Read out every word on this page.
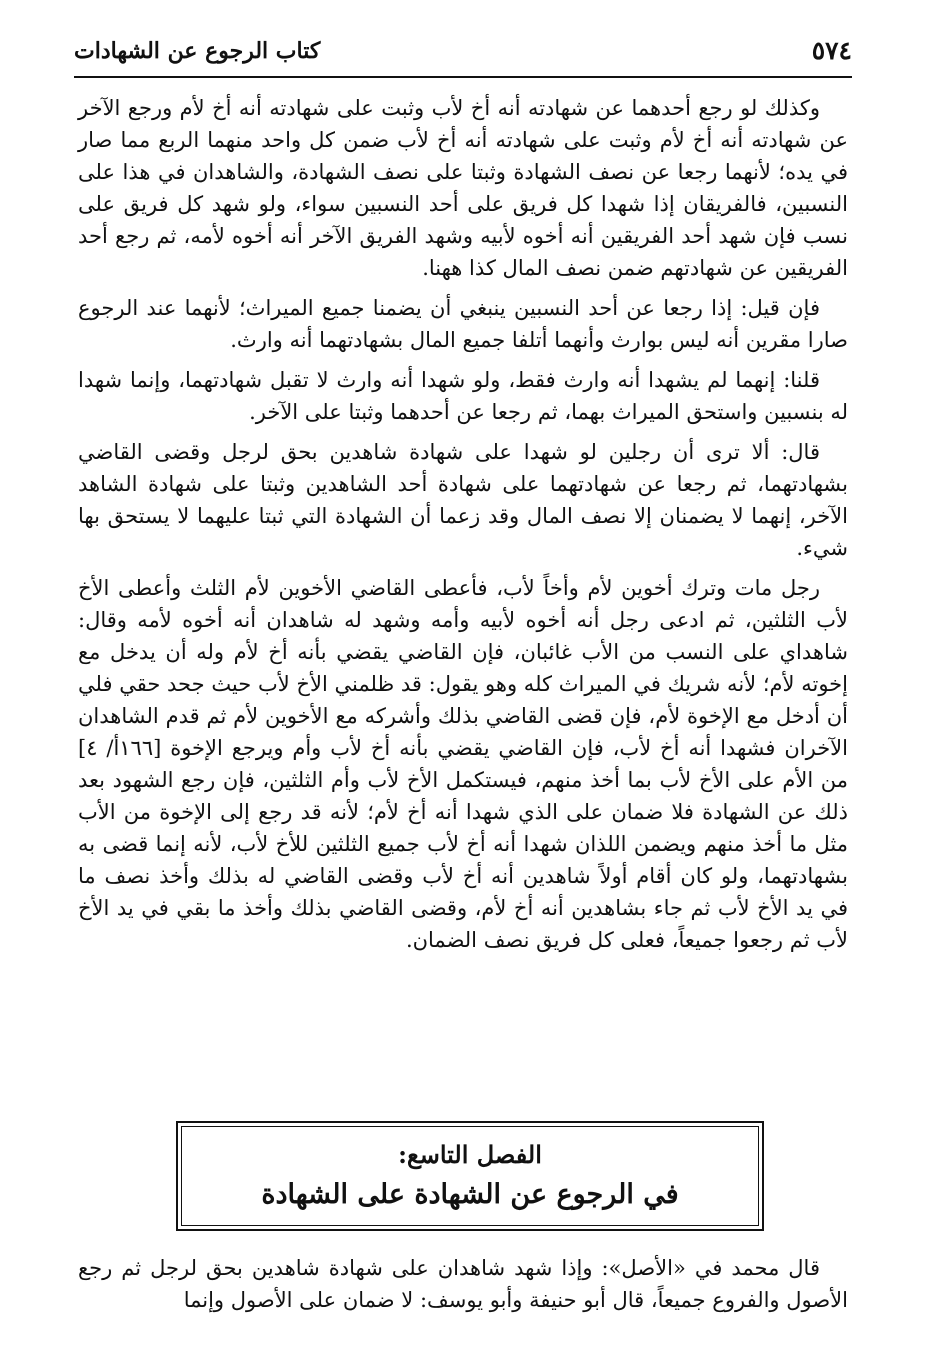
٥٧٤
كتاب الرجوع عن الشهادات

وكذلك لو رجع أحدهما عن شهادته أنه أخ لأب وثبت على شهادته أنه أخ لأم ورجع الآخر عن شهادته أنه أخ لأم وثبت على شهادته أنه أخ لأب ضمن كل واحد منهما الربع مما صار في يده؛ لأنهما رجعا عن نصف الشهادة وثبتا على نصف الشهادة، والشاهدان في هذا على النسبين، فالفريقان إذا شهدا كل فريق على أحد النسبين سواء، ولو شهد كل فريق على نسب فإن شهد أحد الفريقين أنه أخوه لأبيه وشهد الفريق الآخر أنه أخوه لأمه، ثم رجع أحد الفريقين عن شهادتهم ضمن نصف المال كذا ههنا.

فإن قيل: إذا رجعا عن أحد النسبين ينبغي أن يضمنا جميع الميراث؛ لأنهما عند الرجوع صارا مقرين أنه ليس بوارث وأنهما أتلفا جميع المال بشهادتهما أنه وارث.

قلنا: إنهما لم يشهدا أنه وارث فقط، ولو شهدا أنه وارث لا تقبل شهادتهما، وإنما شهدا له بنسبين واستحق الميراث بهما، ثم رجعا عن أحدهما وثبتا على الآخر.

قال: ألا ترى أن رجلين لو شهدا على شهادة شاهدين بحق لرجل وقضى القاضي بشهادتهما، ثم رجعا عن شهادتهما على شهادة أحد الشاهدين وثبتا على شهادة الشاهد الآخر، إنهما لا يضمنان إلا نصف المال وقد زعما أن الشهادة التي ثبتا عليهما لا يستحق بها شيء.

رجل مات وترك أخوين لأم وأخاً لأب، فأعطى القاضي الأخوين لأم الثلث وأعطى الأخ لأب الثلثين، ثم ادعى رجل أنه أخوه لأبيه وأمه وشهد له شاهدان أنه أخوه لأمه وقال: شاهداي على النسب من الأب غائبان، فإن القاضي يقضي بأنه أخ لأم وله أن يدخل مع إخوته لأم؛ لأنه شريك في الميراث كله وهو يقول: قد ظلمني الأخ لأب حيث جحد حقي فلي أن أدخل مع الإخوة لأم، فإن قضى القاضي بذلك وأشركه مع الأخوين لأم ثم قدم الشاهدان الآخران فشهدا أنه أخ لأب، فإن القاضي يقضي بأنه أخ لأب وأم ويرجع الإخوة [١٦٦أ/ ٤] من الأم على الأخ لأب بما أخذ منهم، فيستكمل الأخ لأب وأم الثلثين، فإن رجع الشهود بعد ذلك عن الشهادة فلا ضمان على الذي شهدا أنه أخ لأم؛ لأنه قد رجع إلى الإخوة من الأب مثل ما أخذ منهم ويضمن اللذان شهدا أنه أخ لأب جميع الثلثين للأخ لأب، لأنه إنما قضى به بشهادتهما، ولو كان أقام أولاً شاهدين أنه أخ لأب وقضى القاضي له بذلك وأخذ نصف ما في يد الأخ لأب ثم جاء بشاهدين أنه أخ لأم، وقضى القاضي بذلك وأخذ ما بقي في يد الأخ لأب ثم رجعوا جميعاً، فعلى كل فريق نصف الضمان.

الفصل التاسع:
في الرجوع عن الشهادة على الشهادة

قال محمد في «الأصل»: وإذا شهد شاهدان على شهادة شاهدين بحق لرجل ثم رجع الأصول والفروع جميعاً، قال أبو حنيفة وأبو يوسف: لا ضمان على الأصول وإنما
